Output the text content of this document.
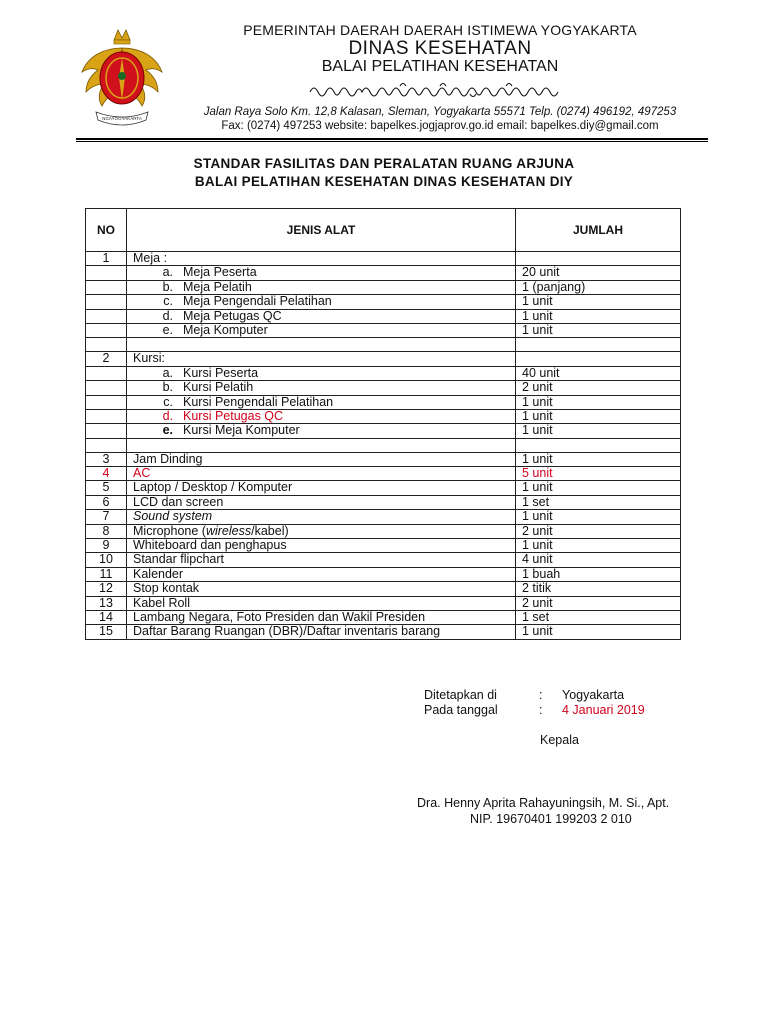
NGAYOGYAKARTA
PEMERINTAH DAERAH DAERAH ISTIMEWA YOGYAKARTA
DINAS KESEHATAN
BALAI PELATIHAN KESEHATAN
Jalan Raya Solo Km. 12,8 Kalasan, Sleman, Yogyakarta 55571 Telp. (0274) 496192, 497253
Fax: (0274) 497253 website: bapelkes.jogjaprov.go.id email: bapelkes.diy@gmail.com
STANDAR FASILITAS DAN PERALATAN RUANG ARJUNA
BALAI PELATIHAN KESEHATAN DINAS KESEHATAN DIY
NO	JENIS ALAT	JUMLAH
1	Meja :	
	a. Meja Peserta	20 unit
	b. Meja Pelatih	1 (panjang)
	c. Meja Pengendali Pelatihan	1 unit
	d. Meja Petugas QC	1 unit
	e. Meja Komputer	1 unit

2	Kursi:	
	a. Kursi Peserta	40 unit
	b. Kursi Pelatih	2 unit
	c. Kursi Pengendali Pelatihan	1 unit
	d. Kursi Petugas QC	1 unit
	e. Kursi Meja Komputer	1 unit

3	Jam Dinding	1 unit
4	AC	5 unit
5	Laptop / Desktop / Komputer	1 unit
6	LCD dan screen	1 set
7	Sound system	1 unit
8	Microphone (wireless/kabel)	2 unit
9	Whiteboard dan penghapus	1 unit
10	Standar flipchart	4 unit
11	Kalender	1 buah
12	Stop kontak	2 titik
13	Kabel Roll	2 unit
14	Lambang Negara, Foto Presiden dan Wakil Presiden	1 set
15	Daftar Barang Ruangan (DBR)/Daftar inventaris barang	1 unit
Ditetapkan di	: Yogyakarta
Pada tanggal	: 4 Januari 2019
Kepala
Dra. Henny Aprita Rahayuningsih, M. Si., Apt.
NIP. 19670401 199203 2 010
